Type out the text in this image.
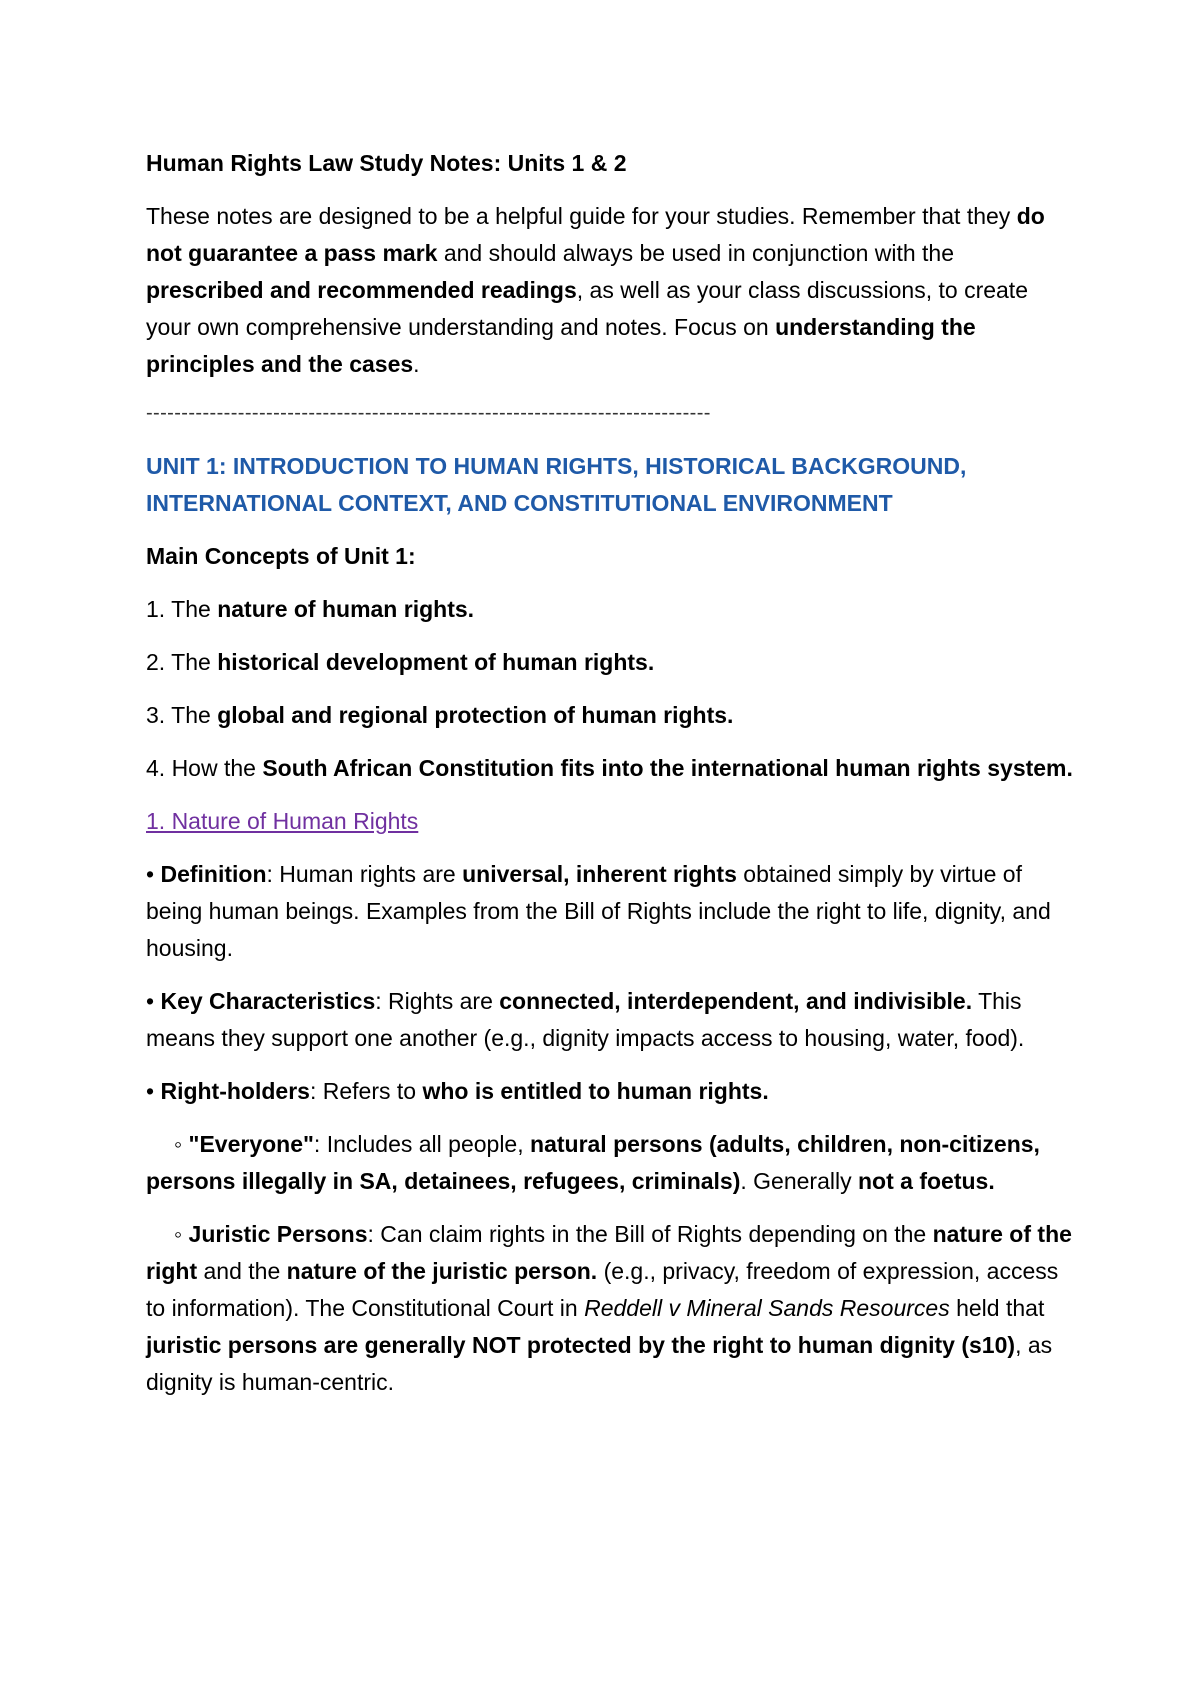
Human Rights Law Study Notes: Units 1 & 2

These notes are designed to be a helpful guide for your studies. Remember that they do not guarantee a pass mark and should always be used in conjunction with the prescribed and recommended readings, as well as your class discussions, to create your own comprehensive understanding and notes. Focus on understanding the principles and the cases.

--------------------------------------------------------------------------------

UNIT 1: INTRODUCTION TO HUMAN RIGHTS, HISTORICAL BACKGROUND, INTERNATIONAL CONTEXT, AND CONSTITUTIONAL ENVIRONMENT

Main Concepts of Unit 1:

1. The nature of human rights.

2. The historical development of human rights.

3. The global and regional protection of human rights.

4. How the South African Constitution fits into the international human rights system.

1. Nature of Human Rights

• Definition: Human rights are universal, inherent rights obtained simply by virtue of being human beings. Examples from the Bill of Rights include the right to life, dignity, and housing.

• Key Characteristics: Rights are connected, interdependent, and indivisible. This means they support one another (e.g., dignity impacts access to housing, water, food).

• Right-holders: Refers to who is entitled to human rights.

◦ "Everyone": Includes all people, natural persons (adults, children, non-citizens, persons illegally in SA, detainees, refugees, criminals). Generally not a foetus.

◦ Juristic Persons: Can claim rights in the Bill of Rights depending on the nature of the right and the nature of the juristic person. (e.g., privacy, freedom of expression, access to information). The Constitutional Court in Reddell v Mineral Sands Resources held that juristic persons are generally NOT protected by the right to human dignity (s10), as dignity is human-centric.
